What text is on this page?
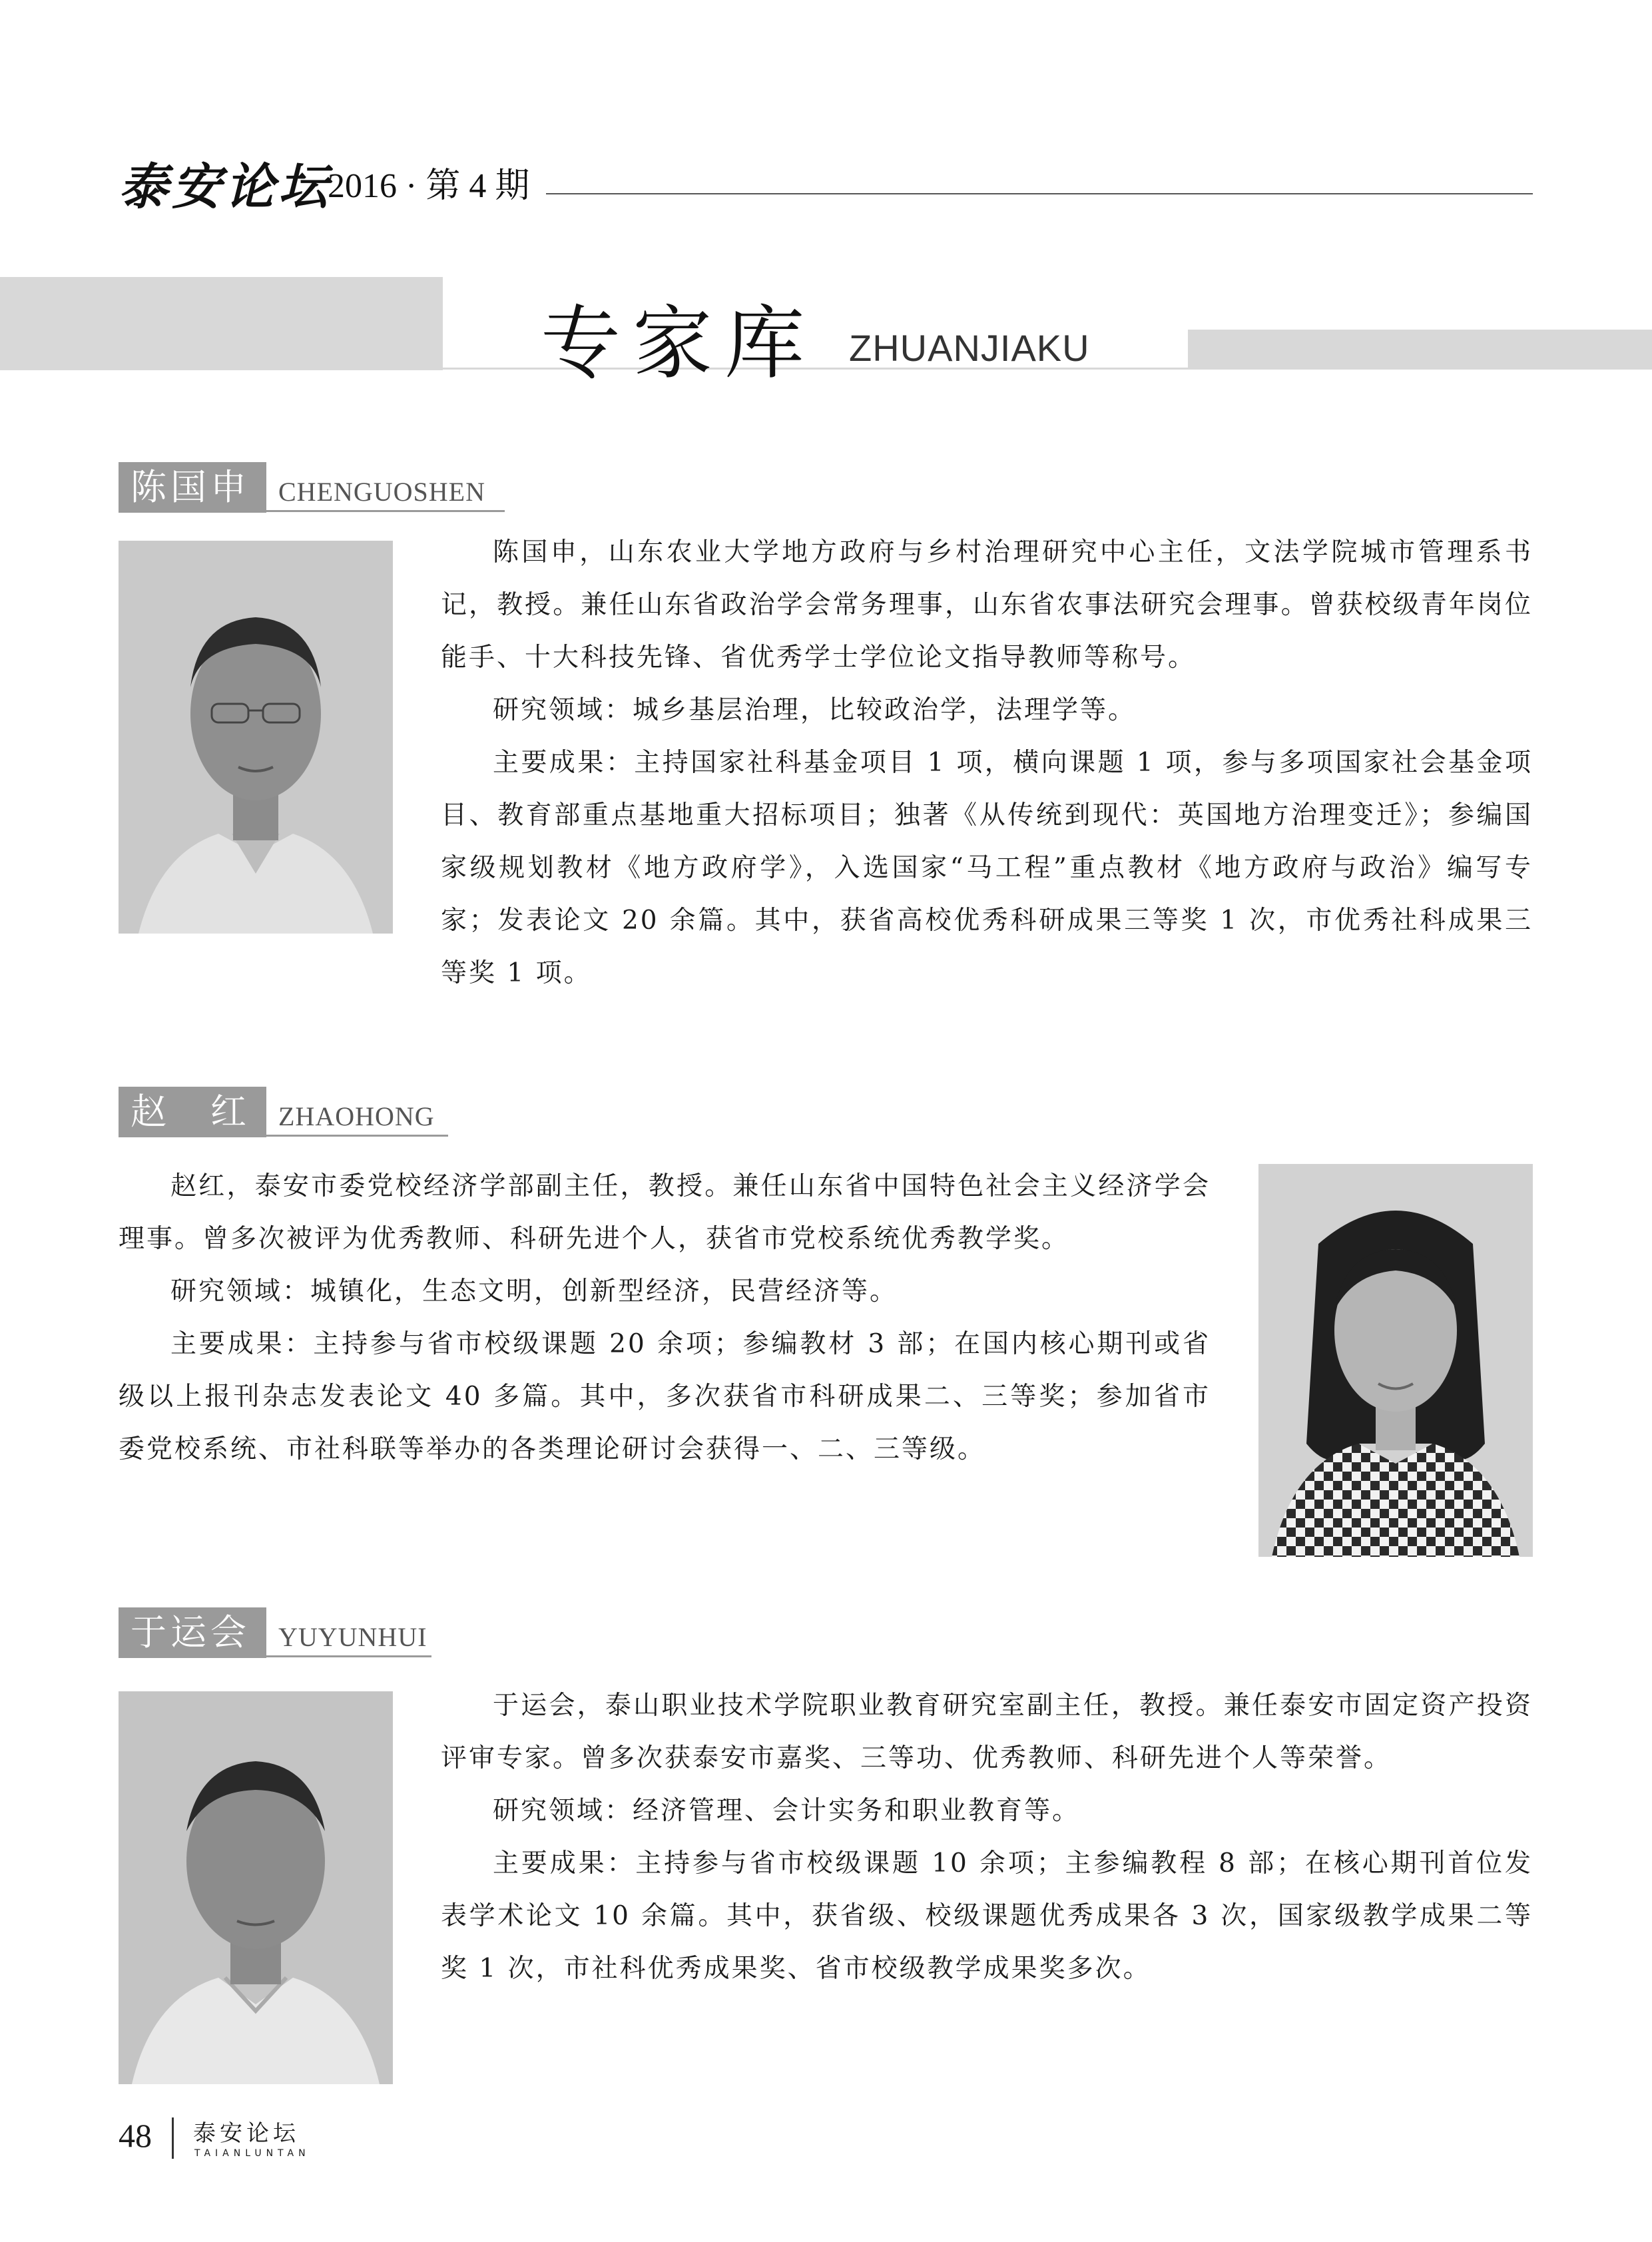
泰安论坛
2016 · 第 4 期
专家库 ZHUANJIAKU
陈国申	CHENGUOSHEN

陈国申，山东农业大学地方政府与乡村治理研究中心主任，文法学院城市管理系书记，教授。兼任山东省政治学会常务理事，山东省农事法研究会理事。曾获校级青年岗位能手、十大科技先锋、省优秀学士学位论文指导教师等称号。

研究领域：城乡基层治理，比较政治学，法理学等。

主要成果：主持国家社科基金项目 1 项，横向课题 1 项，参与多项国家社会基金项目、教育部重点基地重大招标项目；独著《从传统到现代：英国地方治理变迁》；参编国家级规划教材《地方政府学》，入选国家“马工程”重点教材《地方政府与政治》编写专家；发表论文 20 余篇。其中，获省高校优秀科研成果三等奖 1 次，市优秀社科成果三等奖 1 项。

赵　红	ZHAOHONG

赵红，泰安市委党校经济学部副主任，教授。兼任山东省中国特色社会主义经济学会理事。曾多次被评为优秀教师、科研先进个人，获省市党校系统优秀教学奖。

研究领域：城镇化，生态文明，创新型经济，民营经济等。

主要成果：主持参与省市校级课题 20 余项；参编教材 3 部；在国内核心期刊或省级以上报刊杂志发表论文 40 多篇。其中，多次获省市科研成果二、三等奖；参加省市委党校系统、市社科联等举办的各类理论研讨会获得一、二、三等级。

于运会	YUYUNHUI

于运会，泰山职业技术学院职业教育研究室副主任，教授。兼任泰安市固定资产投资评审专家。曾多次获泰安市嘉奖、三等功、优秀教师、科研先进个人等荣誉。

研究领域：经济管理、会计实务和职业教育等。

主要成果：主持参与省市校级课题 10 余项；主参编教程 8 部；在核心期刊首位发表学术论文 10 余篇。其中，获省级、校级课题优秀成果各 3 次，国家级教学成果二等奖 1 次，市社科优秀成果奖、省市校级教学成果奖多次。

48 泰安论坛
TAIANLUNTAN
